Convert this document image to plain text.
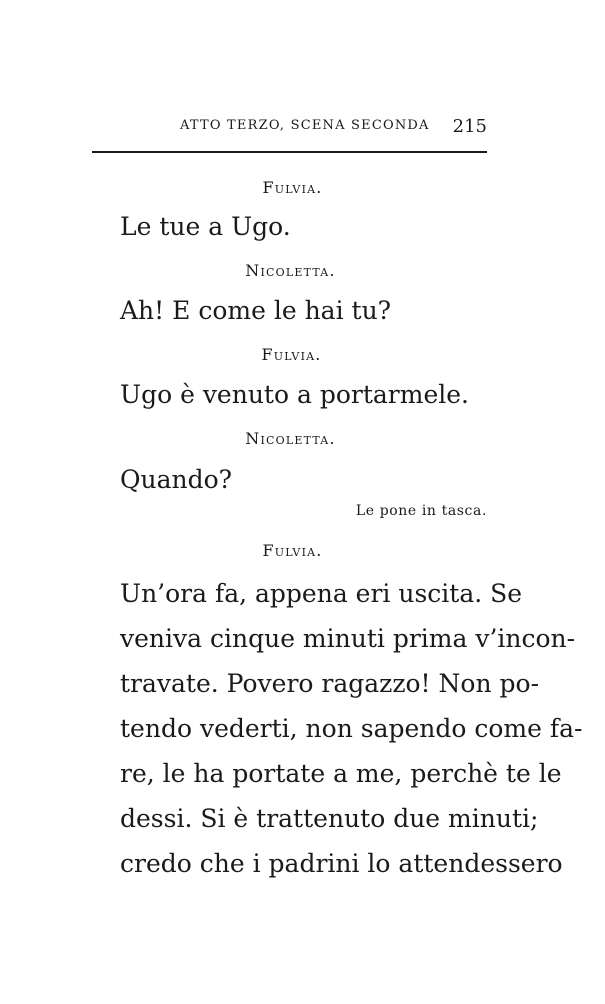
ATTO TERZO, SCENA SECONDA 215
Fulvia.
Le tue a Ugo.
Nicoletta.
Ah! E come le hai tu?
Fulvia.
Ugo è venuto a portarmele.
Nicoletta.
Quando?
Le pone in tasca.
Fulvia.
Un’ora fa, appena eri uscita. Se
veniva cinque minuti prima v’incon-
travate. Povero ragazzo! Non po-
tendo vederti, non sapendo come fa-
re, le ha portate a me, perchè te le
dessi. Si è trattenuto due minuti;
credo che i padrini lo attendessero
